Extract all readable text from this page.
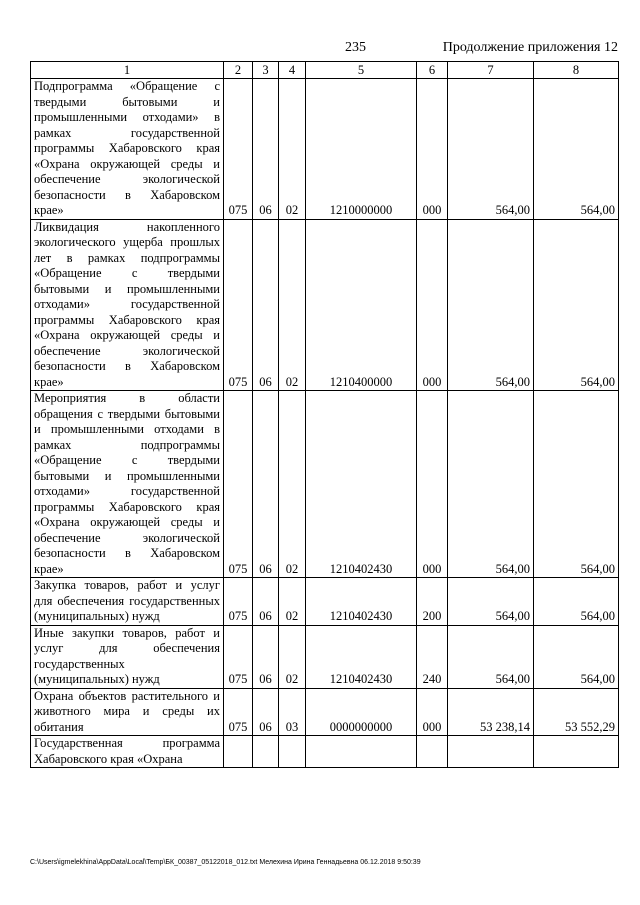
235	Продолжение приложения 12
1	2	3	4	5	6	7	8
Подпрограмма «Обращение с твердыми бытовыми и промышленными отходами» в рамках государственной программы Хабаровского края «Охрана окружающей среды и обеспечение экологической безопасности в Хабаровском крае»	075	06	02	1210000000	000	564,00	564,00
Ликвидация накопленного экологического ущерба прошлых лет в рамках подпрограммы «Обращение с твердыми бытовыми и промышленными отходами» государственной программы Хабаровского края «Охрана окружающей среды и обеспечение экологической безопасности в Хабаровском крае»	075	06	02	1210400000	000	564,00	564,00
Мероприятия в области обращения с твердыми бытовыми и промышленными отходами в рамках подпрограммы «Обращение с твердыми бытовыми и промышленными отходами» государственной программы Хабаровского края «Охрана окружающей среды и обеспечение экологической безопасности в Хабаровском крае»	075	06	02	1210402430	000	564,00	564,00
Закупка товаров, работ и услуг для обеспечения государственных (муниципальных) нужд	075	06	02	1210402430	200	564,00	564,00
Иные закупки товаров, работ и услуг для обеспечения государственных (муниципальных) нужд	075	06	02	1210402430	240	564,00	564,00
Охрана объектов растительного и животного мира и среды их обитания	075	06	03	0000000000	000	53 238,14	53 552,29
Государственная программа Хабаровского края «Охрана							
C:\Users\igmelekhina\AppData\Local\Temp\БК_00387_05122018_012.txt Мелехина Ирина Геннадьевна 06.12.2018 9:50:39
